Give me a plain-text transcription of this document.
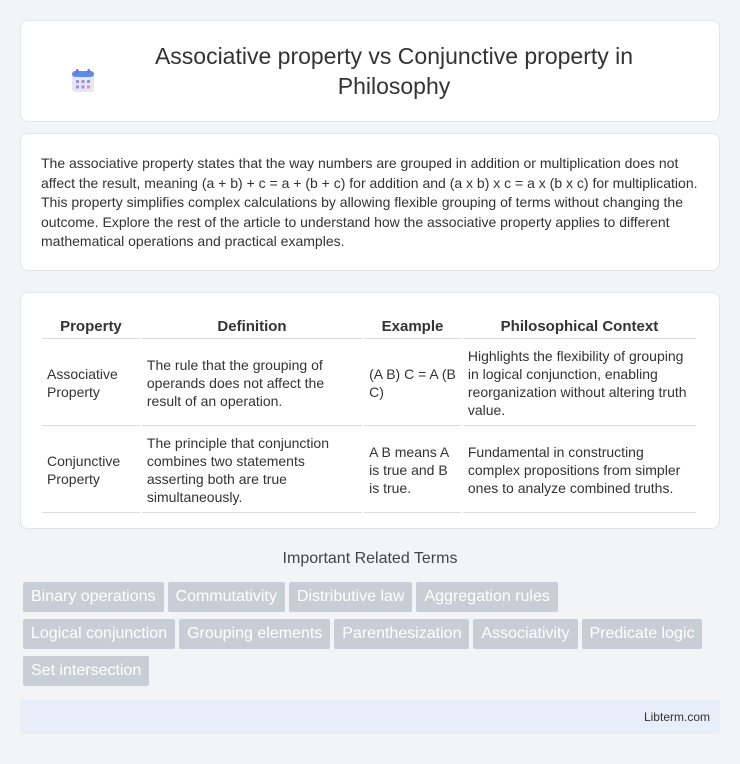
Associative property vs Conjunctive property in Philosophy

The associative property states that the way numbers are grouped in addition or multiplication does not affect the result, meaning (a + b) + c = a + (b + c) for addition and (a x b) x c = a x (b x c) for multiplication. This property simplifies complex calculations by allowing flexible grouping of terms without changing the outcome. Explore the rest of the article to understand how the associative property applies to different mathematical operations and practical examples.

Property	Definition	Example	Philosophical Context
Associative Property	The rule that the grouping of operands does not affect the result of an operation.	(A B) C = A (B C)	Highlights the flexibility of grouping in logical conjunction, enabling reorganization without altering truth value.
Conjunctive Property	The principle that conjunction combines two statements asserting both are true simultaneously.	A B means A is true and B is true.	Fundamental in constructing complex propositions from simpler ones to analyze combined truths.
Important Related Terms
Binary operations Commutativity Distributive law Aggregation rules
Logical conjunction Grouping elements Parenthesization Associativity Predicate logic
Set intersection
Libterm.com
